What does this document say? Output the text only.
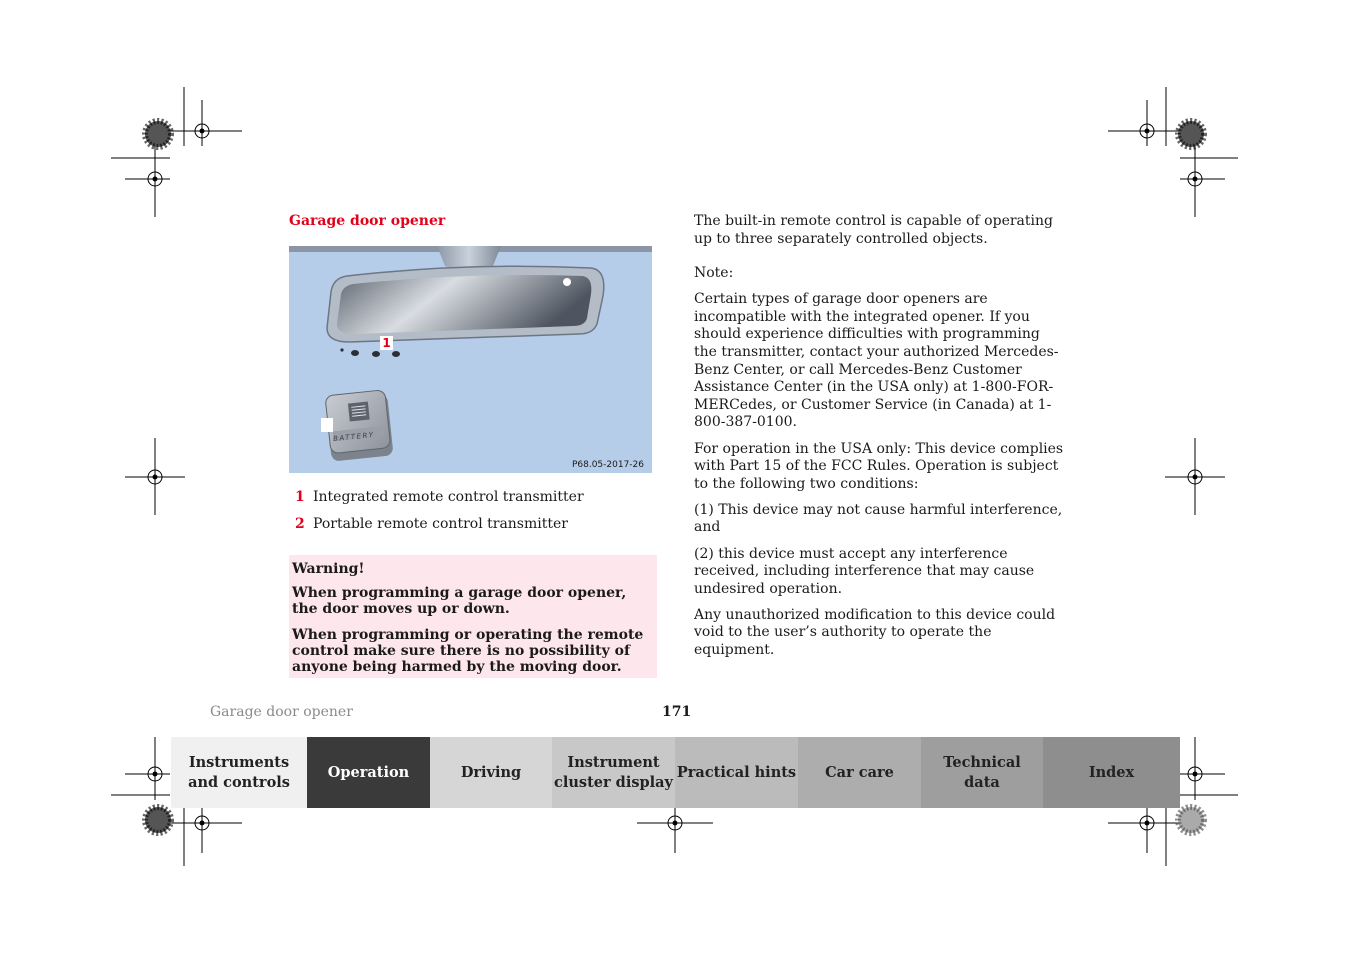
Garage door opener
1
2
BATTERY
P68.05-2017-26
1 Integrated remote control transmitter
2 Portable remote control transmitter
Warning!

When programming a garage door opener, the door moves up or down.

When programming or operating the remote control make sure there is no possibility of anyone being harmed by the moving door.

The built-in remote control is capable of operating up to three separately controlled objects.

Note:

Certain types of garage door openers are incompatible with the integrated opener. If you should experience difficulties with programming the transmitter, contact your authorized Mercedes-Benz Center, or call Mercedes-Benz Customer Assistance Center (in the USA only) at 1-800-FOR-MERCedes, or Customer Service (in Canada) at 1-800-387-0100.

For operation in the USA only: This device complies with Part 15 of the FCC Rules. Operation is subject to the following two conditions:

(1) This device may not cause harmful interference, and

(2) this device must accept any interference received, including interference that may cause undesired operation.

Any unauthorized modification to this device could void to the user’s authority to operate the equipment.

Garage door opener	171
Instruments
and controls
Operation	Driving
Instrument
cluster display
Practical hints Car care
Technical
data
Index
